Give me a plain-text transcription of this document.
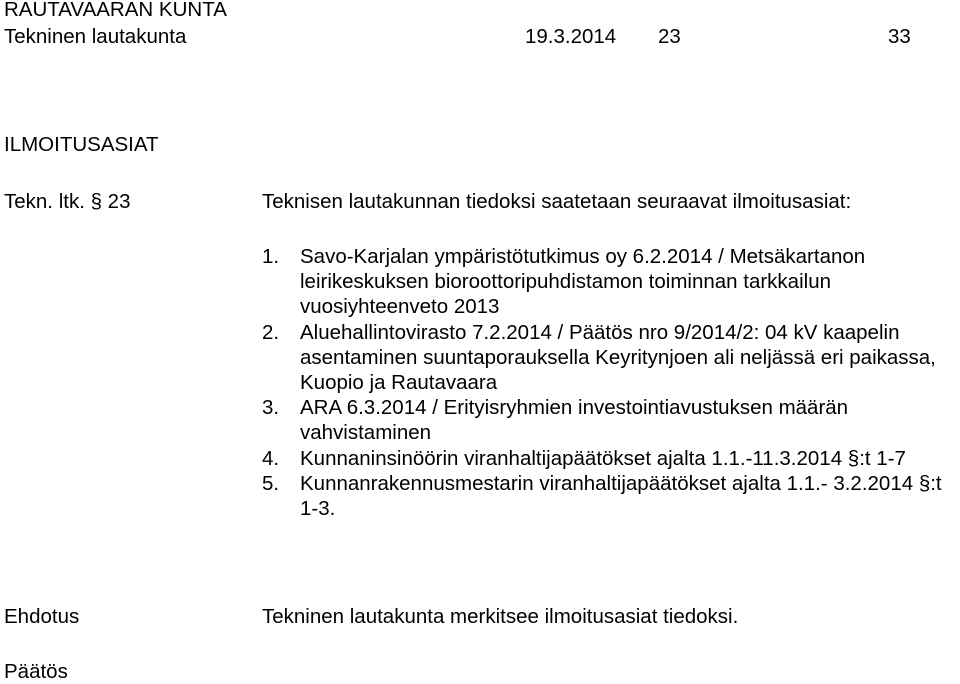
RAUTAVAARAN KUNTA
Tekninen lautakunta	19.3.2014 23	33
ILMOITUSASIAT
Tekn. ltk. § 23	Teknisen lautakunnan tiedoksi saatetaan seuraavat ilmoitusasiat:
1. Savo-Karjalan ympäristötutkimus oy 6.2.2014 / Metsäkartanon leirikeskuksen bioroottoripuhdistamon toiminnan tarkkailun vuosiyhteenveto 2013
2. Aluehallintovirasto 7.2.2014 / Päätös nro 9/2014/2: 04 kV kaapelin asentaminen suuntaporauksella Keyritynjoen ali neljässä eri paikassa, Kuopio ja Rautavaara
3. ARA 6.3.2014 / Erityisryhmien investointiavustuksen määrän vahvistaminen
4. Kunnaninsinöörin viranhaltijapäätökset ajalta 1.1.-11.3.2014 §:t 1-7
5. Kunnanrakennusmestarin viranhaltijapäätökset ajalta 1.1.- 3.2.2014 §:t 1-3.
Ehdotus	Tekninen lautakunta merkitsee ilmoitusasiat tiedoksi.
Päätös
